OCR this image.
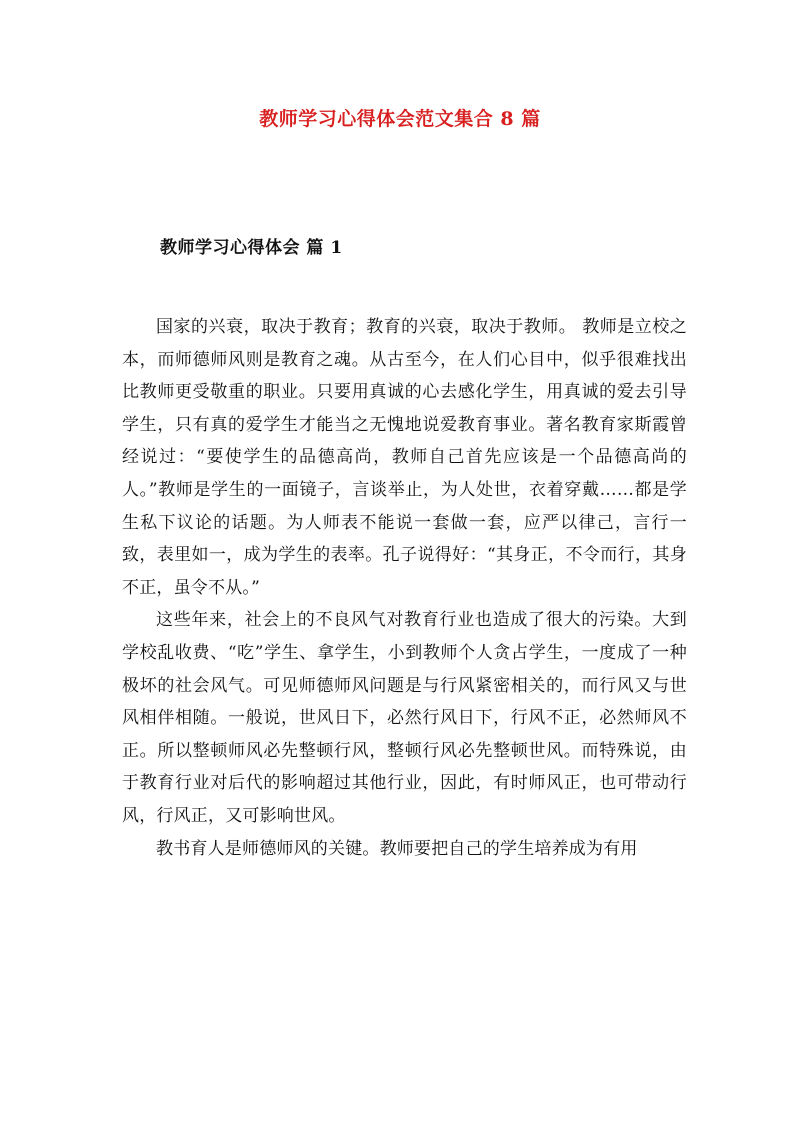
教师学习心得体会范文集合 8 篇
教师学习心得体会 篇 1

国家的兴衰，取决于教育；教育的兴衰，取决于教师。 教师是立校之本，而师德师风则是教育之魂。从古至今，在人们心目中，似乎很难找出比教师更受敬重的职业。只要用真诚的心去感化学生，用真诚的爱去引导学生，只有真的爱学生才能当之无愧地说爱教育事业。著名教育家斯霞曾经说过：“要使学生的品德高尚，教师自己首先应该是一个品德高尚的人。”教师是学生的一面镜子，言谈举止，为人处世，衣着穿戴……都是学生私下议论的话题。为人师表不能说一套做一套，应严以律己，言行一致，表里如一，成为学生的表率。孔子说得好：“其身正，不令而行，其身不正，虽令不从。”

这些年来，社会上的不良风气对教育行业也造成了很大的污染。大到学校乱收费、“吃”学生、拿学生，小到教师个人贪占学生，一度成了一种极坏的社会风气。可见师德师风问题是与行风紧密相关的，而行风又与世风相伴相随。一般说，世风日下，必然行风日下，行风不正，必然师风不正。所以整顿师风必先整顿行风，整顿行风必先整顿世风。而特殊说，由于教育行业对后代的影响超过其他行业，因此，有时师风正，也可带动行风，行风正，又可影响世风。

教书育人是师德师风的关键。教师要把自己的学生培养成为有用
